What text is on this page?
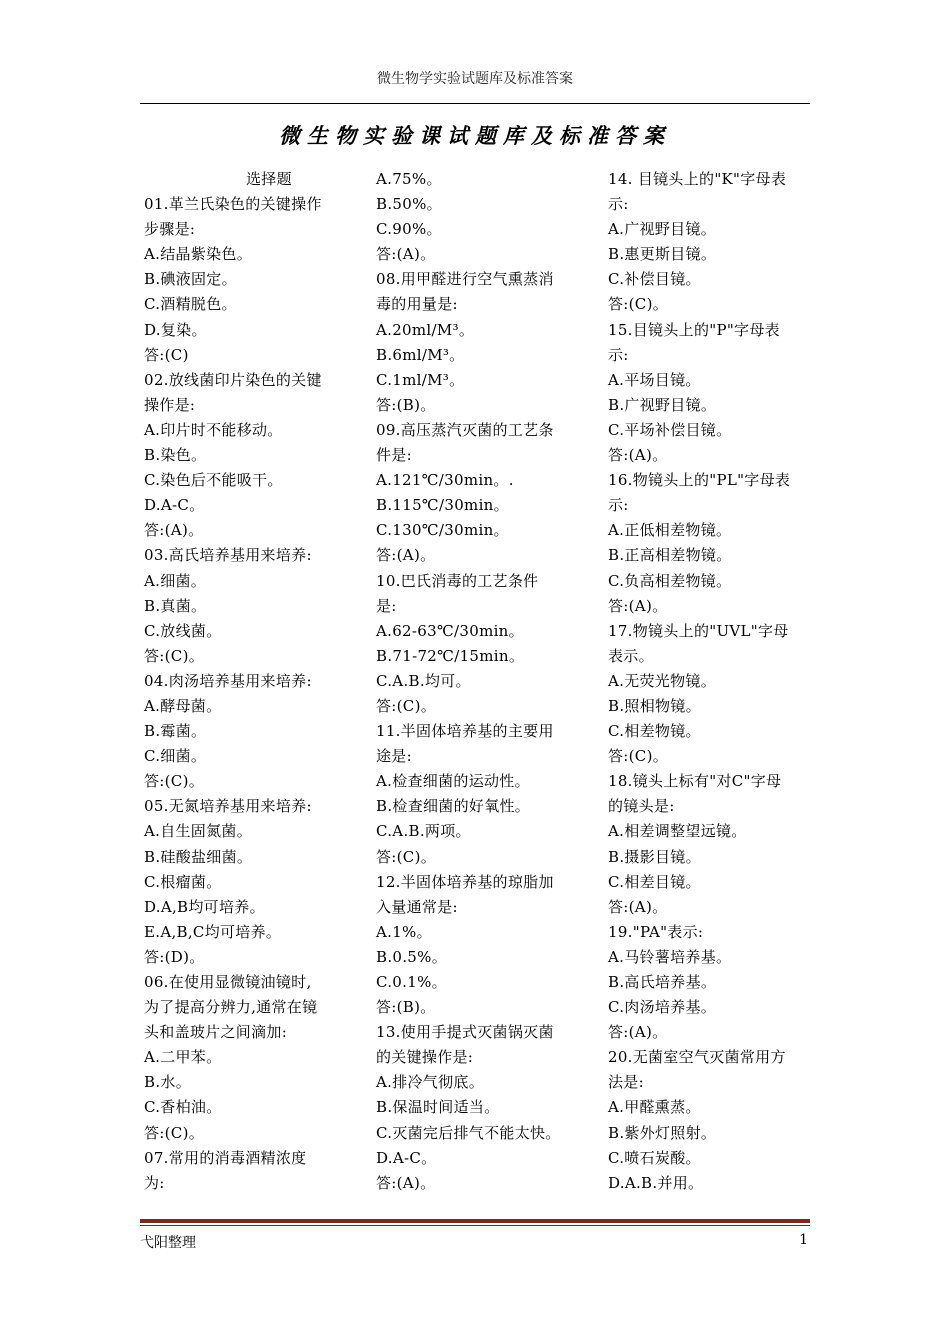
微生物学实验试题库及标准答案
微生物实验课试题库及标准答案
选择题
01.革兰氏染色的关键操作
步骤是:
A.结晶紫染色。
B.碘液固定。
C.酒精脱色。
D.复染。
答:(C)
02.放线菌印片染色的关键
操作是:
A.印片时不能移动。
B.染色。
C.染色后不能吸干。
D.A-C。
答:(A)。
03.高氏培养基用来培养:
A.细菌。
B.真菌。
C.放线菌。
答:(C)。
04.肉汤培养基用来培养:
A.酵母菌。
B.霉菌。
C.细菌。
答:(C)。
05.无氮培养基用来培养:
A.自生固氮菌。
B.硅酸盐细菌。
C.根瘤菌。
D.A,B均可培养。
E.A,B,C均可培养。
答:(D)。
06.在使用显微镜油镜时,
为了提高分辨力,通常在镜
头和盖玻片之间滴加:
A.二甲苯。
B.水。
C.香柏油。
答:(C)。
07.常用的消毒酒精浓度
为:
A.75%。
B.50%。
C.90%。
答:(A)。
08.用甲醛进行空气熏蒸消
毒的用量是:
A.20ml/M³。
B.6ml/M³。
C.1ml/M³。
答:(B)。
09.高压蒸汽灭菌的工艺条
件是:
A.121℃/30min。.
B.115℃/30min。
C.130℃/30min。
答:(A)。
10.巴氏消毒的工艺条件
是:
A.62-63℃/30min。
B.71-72℃/15min。
C.A.B.均可。
答:(C)。
11.半固体培养基的主要用
途是:
A.检查细菌的运动性。
B.检查细菌的好氧性。
C.A.B.两项。
答:(C)。
12.半固体培养基的琼脂加
入量通常是:
A.1%。
B.0.5%。
C.0.1%。
答:(B)。
13.使用手提式灭菌锅灭菌
的关键操作是:
A.排冷气彻底。
B.保温时间适当。
C.灭菌完后排气不能太快。
D.A-C。
答:(A)。
14. 目镜头上的"K"字母表
示:
A.广视野目镜。
B.惠更斯目镜。
C.补偿目镜。
答:(C)。
15.目镜头上的"P"字母表
示:
A.平场目镜。
B.广视野目镜。
C.平场补偿目镜。
答:(A)。
16.物镜头上的"PL"字母表
示:
A.正低相差物镜。
B.正高相差物镜。
C.负高相差物镜。
答:(A)。
17.物镜头上的"UVL"字母
表示。
A.无荧光物镜。
B.照相物镜。
C.相差物镜。
答:(C)。
18.镜头上标有"对C"字母
的镜头是:
A.相差调整望远镜。
B.摄影目镜。
C.相差目镜。
答:(A)。
19."PA"表示:
A.马铃薯培养基。
B.高氏培养基。
C.肉汤培养基。
答:(A)。
20.无菌室空气灭菌常用方
法是:
A.甲醛熏蒸。
B.紫外灯照射。
C.喷石炭酸。
D.A.B.并用。
弋阳整理	1
